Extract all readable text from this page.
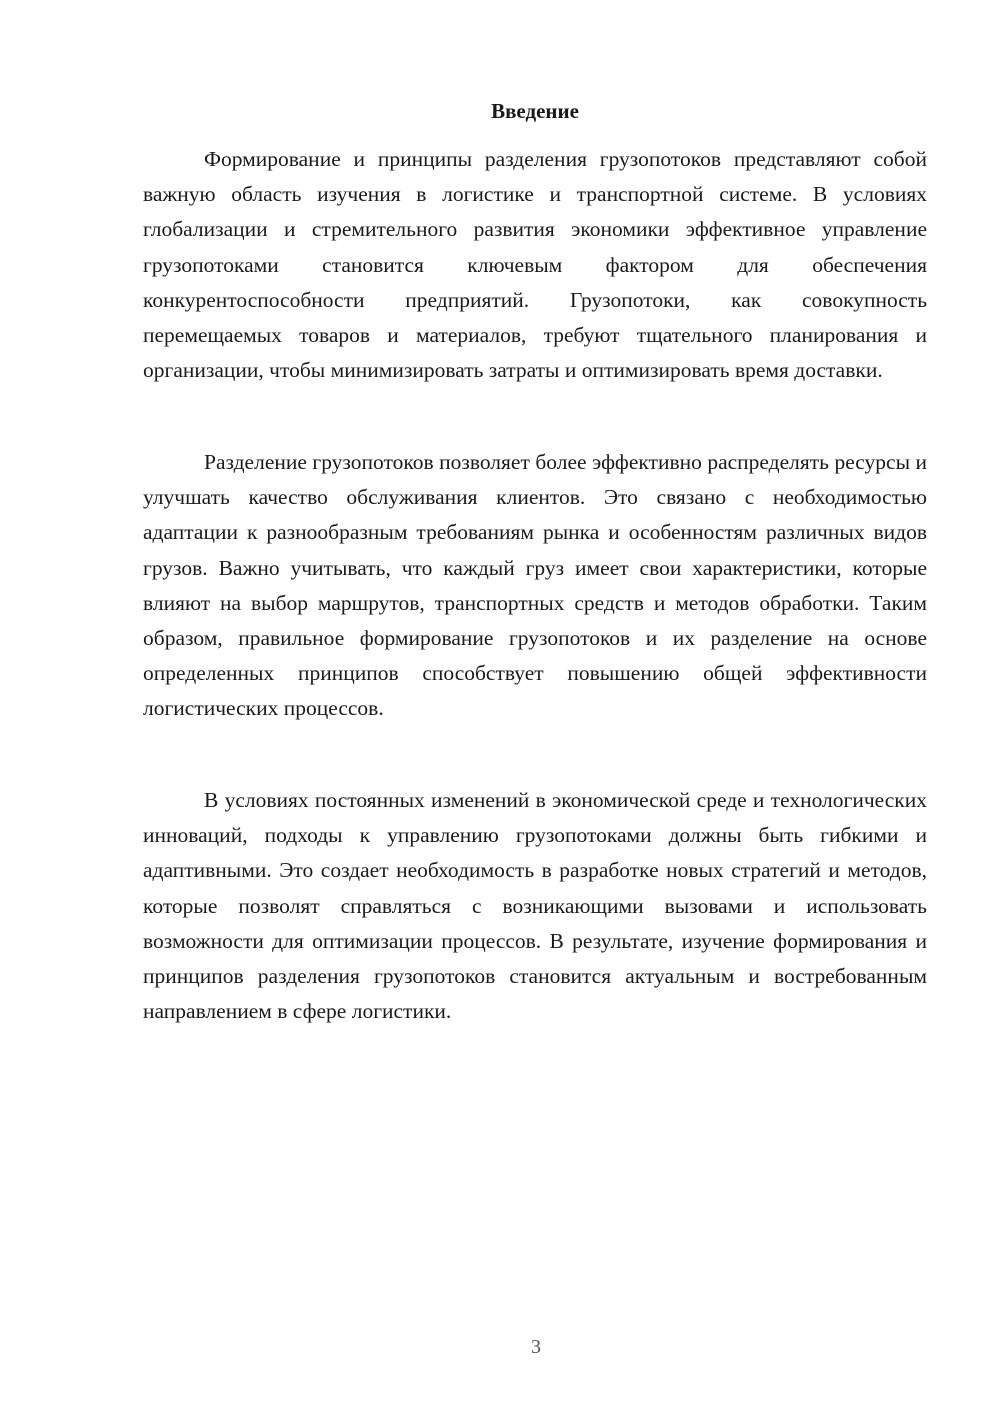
Введение

Формирование и принципы разделения грузопотоков представляют собой важную область изучения в логистике и транспортной системе. В условиях глобализации и стремительного развития экономики эффективное управление грузопотоками становится ключевым фактором для обеспечения конкурентоспособности предприятий. Грузопотоки, как совокупность перемещаемых товаров и материалов, требуют тщательного планирования и организации, чтобы минимизировать затраты и оптимизировать время доставки.

Разделение грузопотоков позволяет более эффективно распределять ресурсы и улучшать качество обслуживания клиентов. Это связано с необходимостью адаптации к разнообразным требованиям рынка и особенностям различных видов грузов. Важно учитывать, что каждый груз имеет свои характеристики, которые влияют на выбор маршрутов, транспортных средств и методов обработки. Таким образом, правильное формирование грузопотоков и их разделение на основе определенных принципов способствует повышению общей эффективности логистических процессов.

В условиях постоянных изменений в экономической среде и технологических инноваций, подходы к управлению грузопотоками должны быть гибкими и адаптивными. Это создает необходимость в разработке новых стратегий и методов, которые позволят справляться с возникающими вызовами и использовать возможности для оптимизации процессов. В результате, изучение формирования и принципов разделения грузопотоков становится актуальным и востребованным направлением в сфере логистики.

3
